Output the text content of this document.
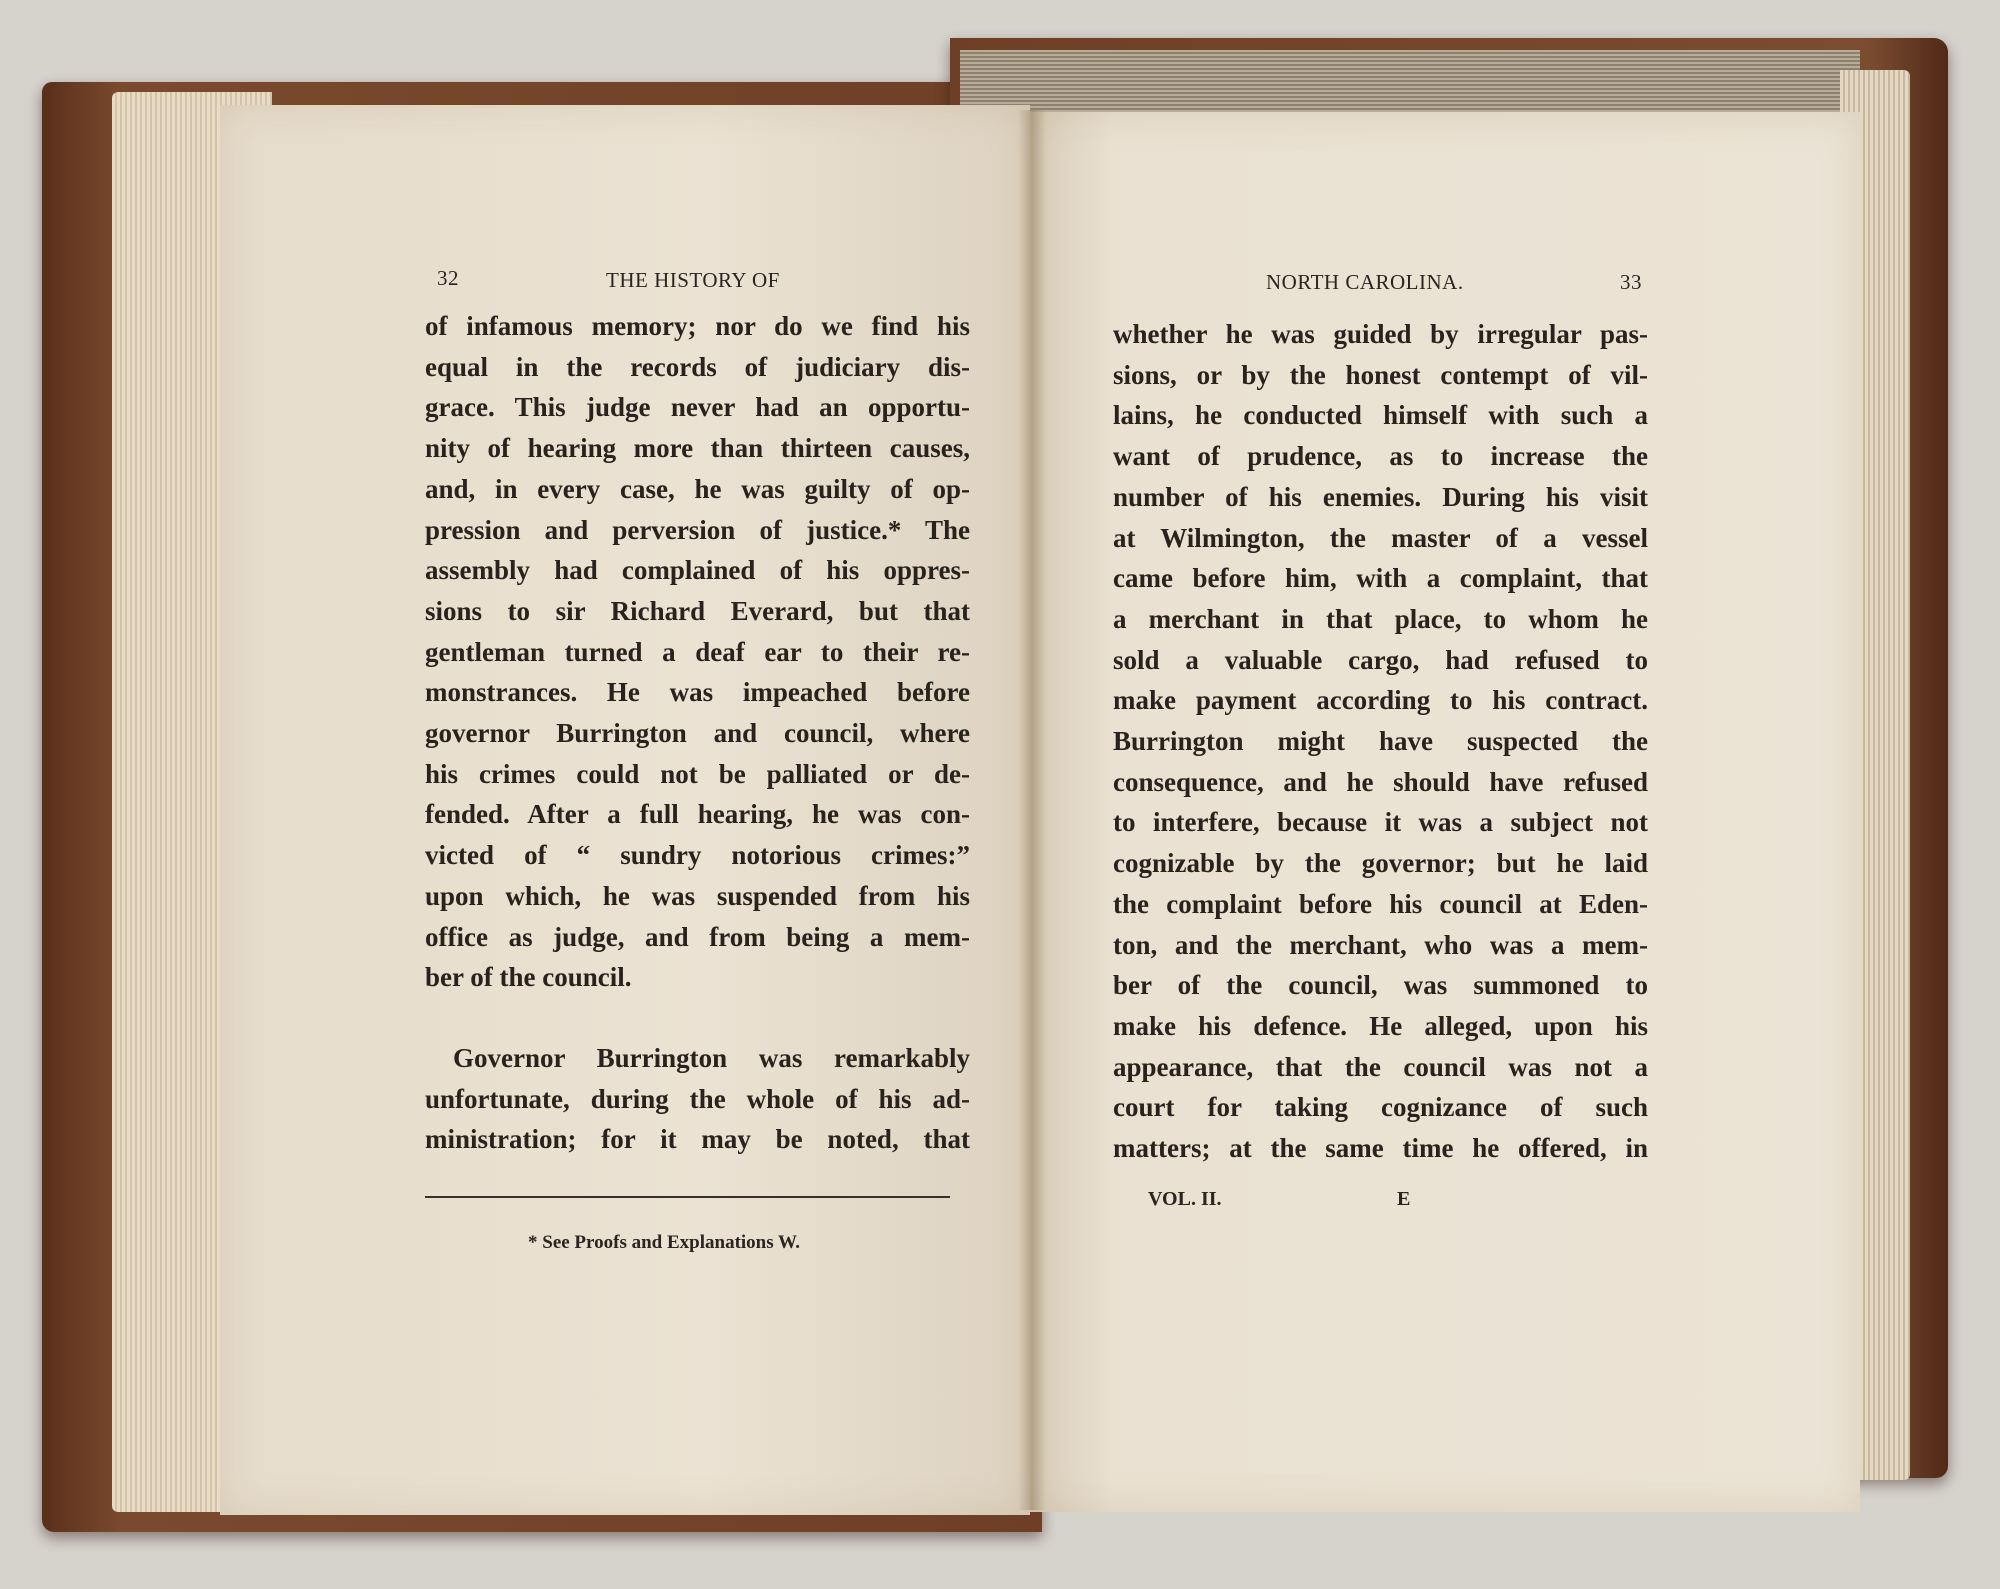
32	THE HISTORY OF	NORTH CAROLINA.	33
of infamous memory; nor do we find his
equal in the records of judiciary dis-
grace. This judge never had an opportu-
nity of hearing more than thirteen causes,
and, in every case, he was guilty of op-
pression and perversion of justice.* The
assembly had complained of his oppres-
sions to sir Richard Everard, but that
gentleman turned a deaf ear to their re-
monstrances. He was impeached before
governor Burrington and council, where
his crimes could not be palliated or de-
fended. After a full hearing, he was con-
victed of “ sundry notorious crimes:”
upon which, he was suspended from his
office as judge, and from being a mem-
ber of the council.
Governor Burrington was remarkably
unfortunate, during the whole of his ad-
ministration; for it may be noted, that
* See Proofs and Explanations W.
whether he was guided by irregular pas-
sions, or by the honest contempt of vil-
lains, he conducted himself with such a
want of prudence, as to increase the
number of his enemies. During his visit
at Wilmington, the master of a vessel
came before him, with a complaint, that
a merchant in that place, to whom he
sold a valuable cargo, had refused to
make payment according to his contract.
Burrington might have suspected the
consequence, and he should have refused
to interfere, because it was a subject not
cognizable by the governor; but he laid
the complaint before his council at Eden-
ton, and the merchant, who was a mem-
ber of the council, was summoned to
make his defence. He alleged, upon his
appearance, that the council was not a
court for taking cognizance of such
matters; at the same time he offered, in
VOL. II.	E
